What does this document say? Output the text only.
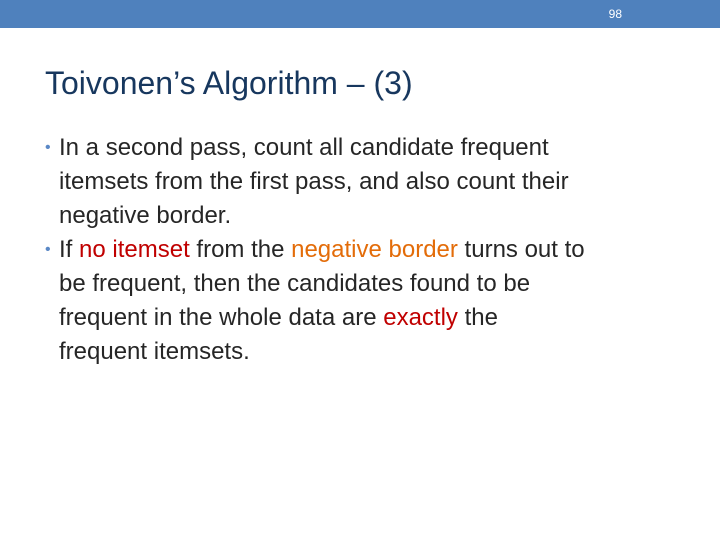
98
Toivonen’s Algorithm – (3)
• In a second pass, count all candidate frequent
itemsets from the first pass, and also count their
negative border.
• If no itemset from the negative border turns out to
be frequent, then the candidates found to be
frequent in the whole data are exactly the
frequent itemsets.
